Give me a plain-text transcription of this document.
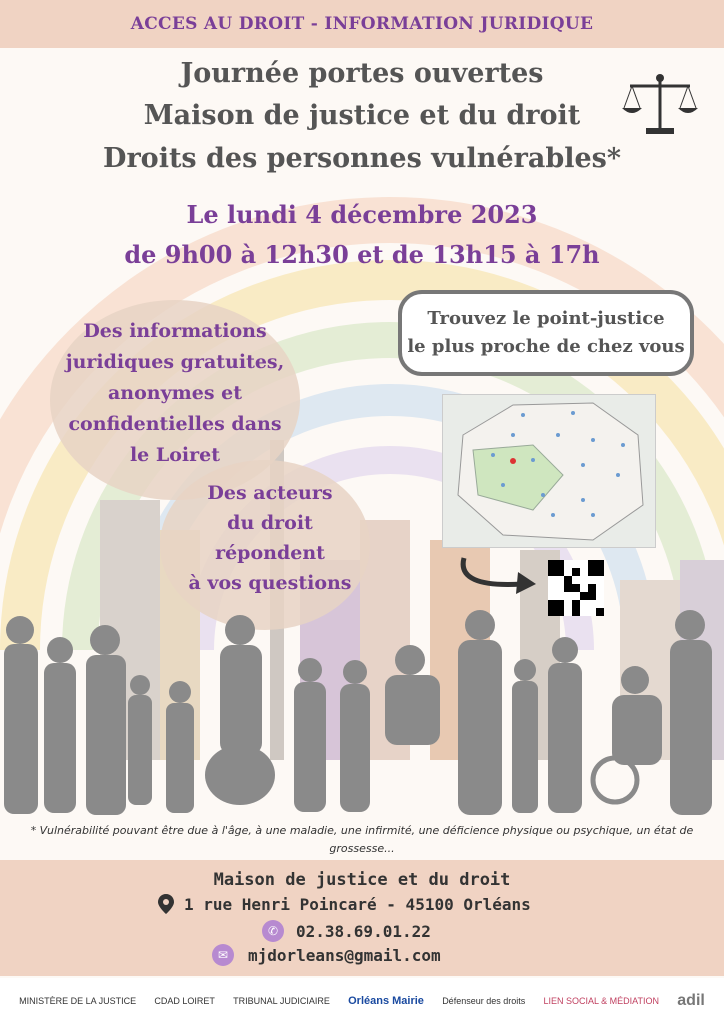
ACCES AU DROIT - INFORMATION JURIDIQUE
Journée portes ouvertes
Maison de justice et du droit
Droits des personnes vulnérables*
Le lundi 4 décembre 2023
de 9h00 à 12h30 et de 13h15 à 17h
Des informations
juridiques gratuites,
anonymes et
confidentielles dans
le Loiret
Des acteurs
du droit
répondent
à vos questions
Trouvez le point-justice
le plus proche de chez vous
* Vulnérabilité pouvant être due à l'âge, à une maladie, une infirmité, une déficience physique ou psychique, un état de grossesse...
Maison de justice et du droit
1 rue Henri Poincaré - 45100 Orléans
✆	02.38.69.01.22
✉	mjdorleans@gmail.com
MINISTÈRE DE LA JUSTICE CDAD LOIRET TRIBUNAL JUDICIAIRE Orléans Mairie Défenseur des droits LIEN SOCIAL & MÉDIATION adil
